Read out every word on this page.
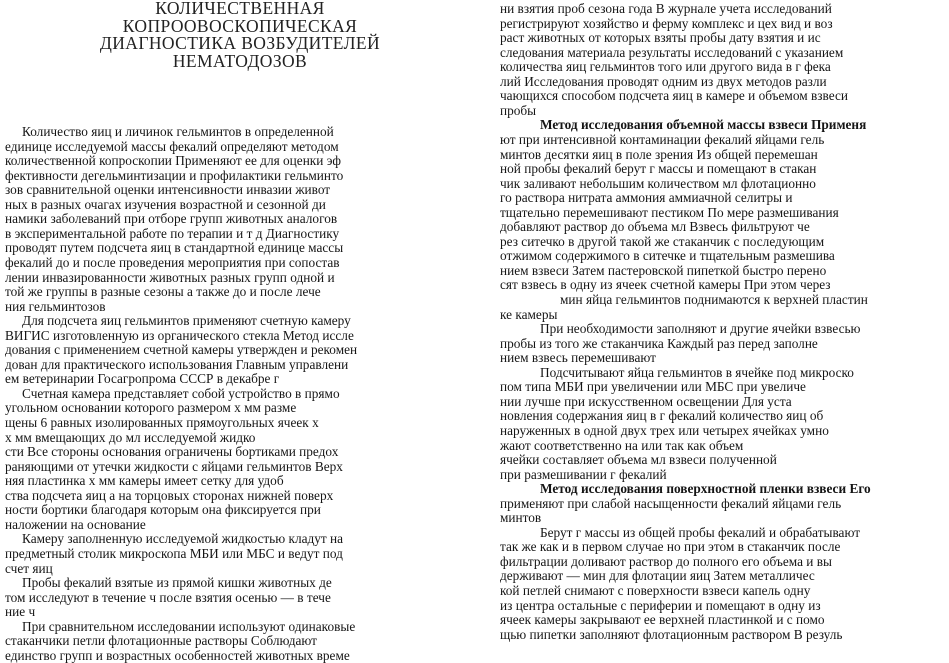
КОЛИЧЕСТВЕННАЯ
КОПРООВОСКОПИЧЕСКАЯ
ДИАГНОСТИКА ВОЗБУДИТЕЛЕЙ
НЕМАТОДОЗОВ
Количество яиц и личинок гельминтов в определенной
единице исследуемой массы фекалий определяют методом
количественной копроскопии Применяют ее для оценки эф
фективности дегельминтизации и профилактики гельминто
зов сравнительной оценки интенсивности инвазии живот
ных в разных очагах изучения возрастной и сезонной ди
намики заболеваний при отборе групп животных аналогов
в экспериментальной работе по терапии и т д Диагностику
проводят путем подсчета яиц в стандартной единице массы
фекалий до и после проведения мероприятия при сопостав
лении инвазированности животных разных групп одной и
той же группы в разные сезоны а также до и после лече
ния гельминтозов
Для подсчета яиц гельминтов применяют счетную камеру
ВИГИС изготовленную из органического стекла Метод иссле
дования с применением счетной камеры утвержден и рекомен
дован для практического использования Главным управлени
ем ветеринарии Госагропрома СССР в декабре г
Счетная камера представляет собой устройство в прямо
угольном основании которого размером х мм разме
щены 6 равных изолированных прямоугольных ячеек х
х мм вмещающих до мл исследуемой жидко
сти Все стороны основания ограничены бортиками предох
раняющими от утечки жидкости с яйцами гельминтов Верх
няя пластинка х мм камеры имеет сетку для удоб
ства подсчета яиц а на торцовых сторонах нижней поверх
ности бортики благодаря которым она фиксируется при
наложении на основание
Камеру заполненную исследуемой жидкостью кладут на
предметный столик микроскопа МБИ или МБС и ведут под
счет яиц
Пробы фекалий взятые из прямой кишки животных де
том исследуют в течение ч после взятия осенью — в тече
ние ч
При сравнительном исследовании используют одинаковые
стаканчики петли флотационные растворы Соблюдают
единство групп и возрастных особенностей животных време
ни взятия проб сезона года В журнале учета исследований
регистрируют хозяйство и ферму комплекс и цех вид и воз
раст животных от которых взяты пробы дату взятия и ис
следования материала результаты исследований с указанием
количества яиц гельминтов того или другого вида в г фека
лий Исследования проводят одним из двух методов разли
чающихся способом подсчета яиц в камере и объемом взвеси
пробы
Метод исследования объемной массы взвеси Применя
ют при интенсивной контаминации фекалий яйцами гель
минтов десятки яиц в поле зрения Из общей перемешан
ной пробы фекалий берут г массы и помещают в стакан
чик заливают небольшим количеством мл флотационно
го раствора нитрата аммония аммиачной селитры и
тщательно перемешивают пестиком По мере размешивания
добавляют раствор до объема мл Взвесь фильтруют че
рез ситечко в другой такой же стаканчик с последующим
отжимом содержимого в ситечке и тщательным размешива
нием взвеси Затем пастеровской пипеткой быстро перено
сят взвесь в одну из ячеек счетной камеры При этом через
мин яйца гельминтов поднимаются к верхней пластин
ке камеры
При необходимости заполняют и другие ячейки взвесью
пробы из того же стаканчика Каждый раз перед заполне
нием взвесь перемешивают
Подсчитывают яйца гельминтов в ячейке под микроско
пом типа МБИ при увеличении или МБС при увеличе
нии лучше при искусственном освещении Для уста
новления содержания яиц в г фекалий количество яиц об
наруженных в одной двух трех или четырех ячейках умно
жают соответственно на или так как объем
ячейки составляет объема мл взвеси полученной
при размешивании г фекалий
Метод исследования поверхностной пленки взвеси Его
применяют при слабой насыщенности фекалий яйцами гель
минтов
Берут г массы из общей пробы фекалий и обрабатывают
так же как и в первом случае но при этом в стаканчик после
фильтрации доливают раствор до полного его объема и вы
держивают — мин для флотации яиц Затем металличес
кой петлей снимают с поверхности взвеси капель одну
из центра остальные с периферии и помещают в одну из
ячеек камеры закрывают ее верхней пластинкой и с помо
щью пипетки заполняют флотационным раствором В резуль
